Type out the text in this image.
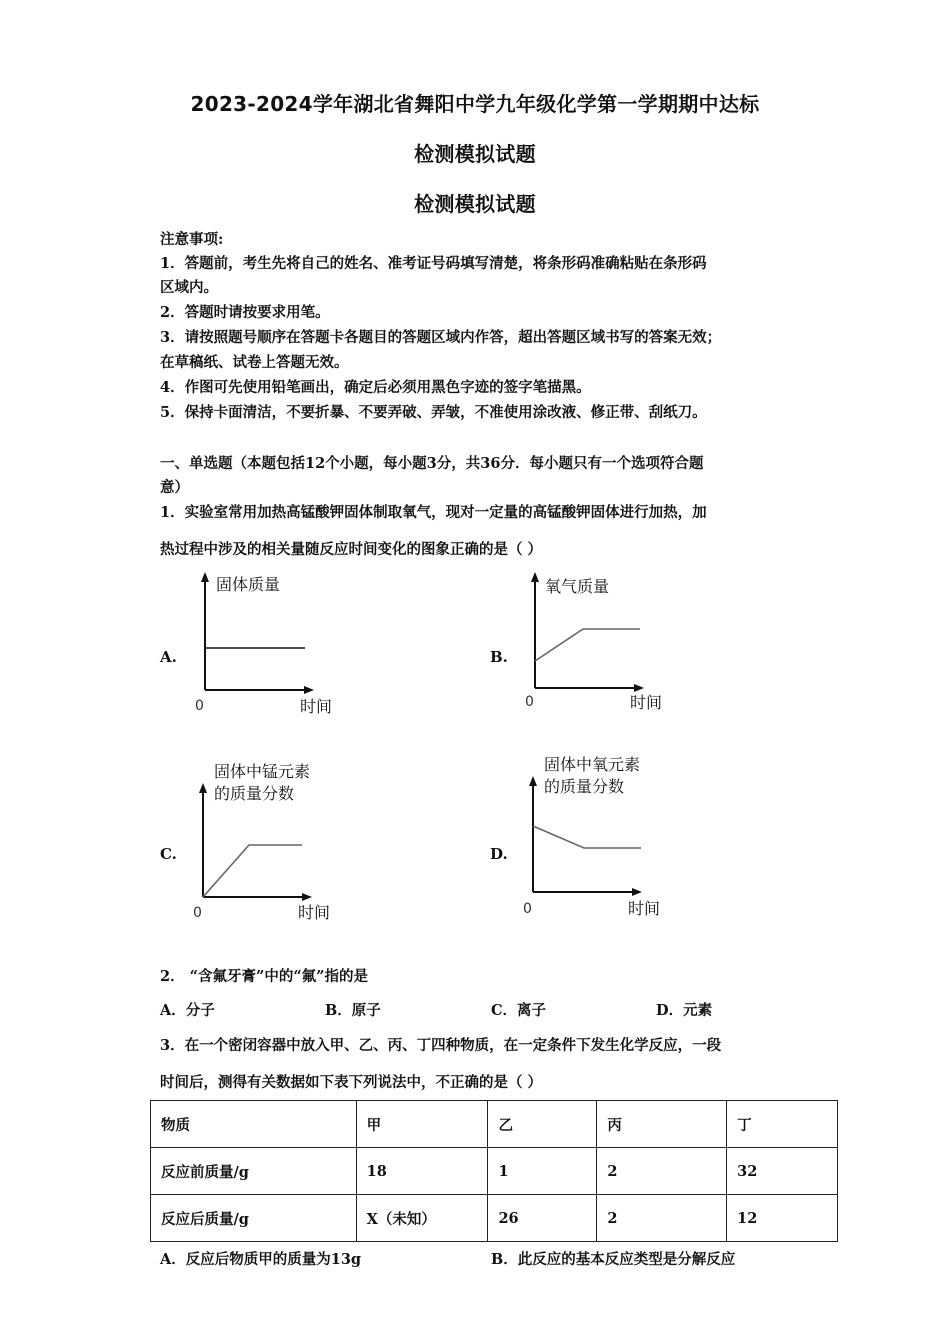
2023-2024学年湖北省舞阳中学九年级化学第一学期期中达标
检测模拟试题
检测模拟试题
注意事项:
1．答题前，考生先将自己的姓名、准考证号码填写清楚，将条形码准确粘贴在条形码
区域内。
2．答题时请按要求用笔。
3．请按照题号顺序在答题卡各题目的答题区域内作答，超出答题区域书写的答案无效；
在草稿纸、试卷上答题无效。
4．作图可先使用铅笔画出，确定后必须用黑色字迹的签字笔描黑。
5．保持卡面清洁，不要折暴、不要弄破、弄皱，不准使用涂改液、修正带、刮纸刀。
一、单选题（本题包括12个小题，每小题3分，共36分．每小题只有一个选项符合题
意）
1．实验室常用加热高锰酸钾固体制取氧气，现对一定量的高锰酸钾固体进行加热，加
热过程中涉及的相关量随反应时间变化的图象正确的是（ ）
A.	B.
C.	D.
固体质量
时间
0
氧气质量
时间
0
固体中锰元素
的质量分数
时间
0
固体中氧元素
的质量分数
时间
0
2． “含氟牙膏”中的“氟”指的是
A．分子	B．原子	C．离子	D．元素
3．在一个密闭容器中放入甲、乙、丙、丁四种物质，在一定条件下发生化学反应，一段
时间后，测得有关数据如下表下列说法中，不正确的是（ ）
物质	甲	乙	丙	丁
反应前质量/g	18	1	2	32
反应后质量/g	X（未知）	26	2	12
A．反应后物质甲的质量为13g	B．此反应的基本反应类型是分解反应
